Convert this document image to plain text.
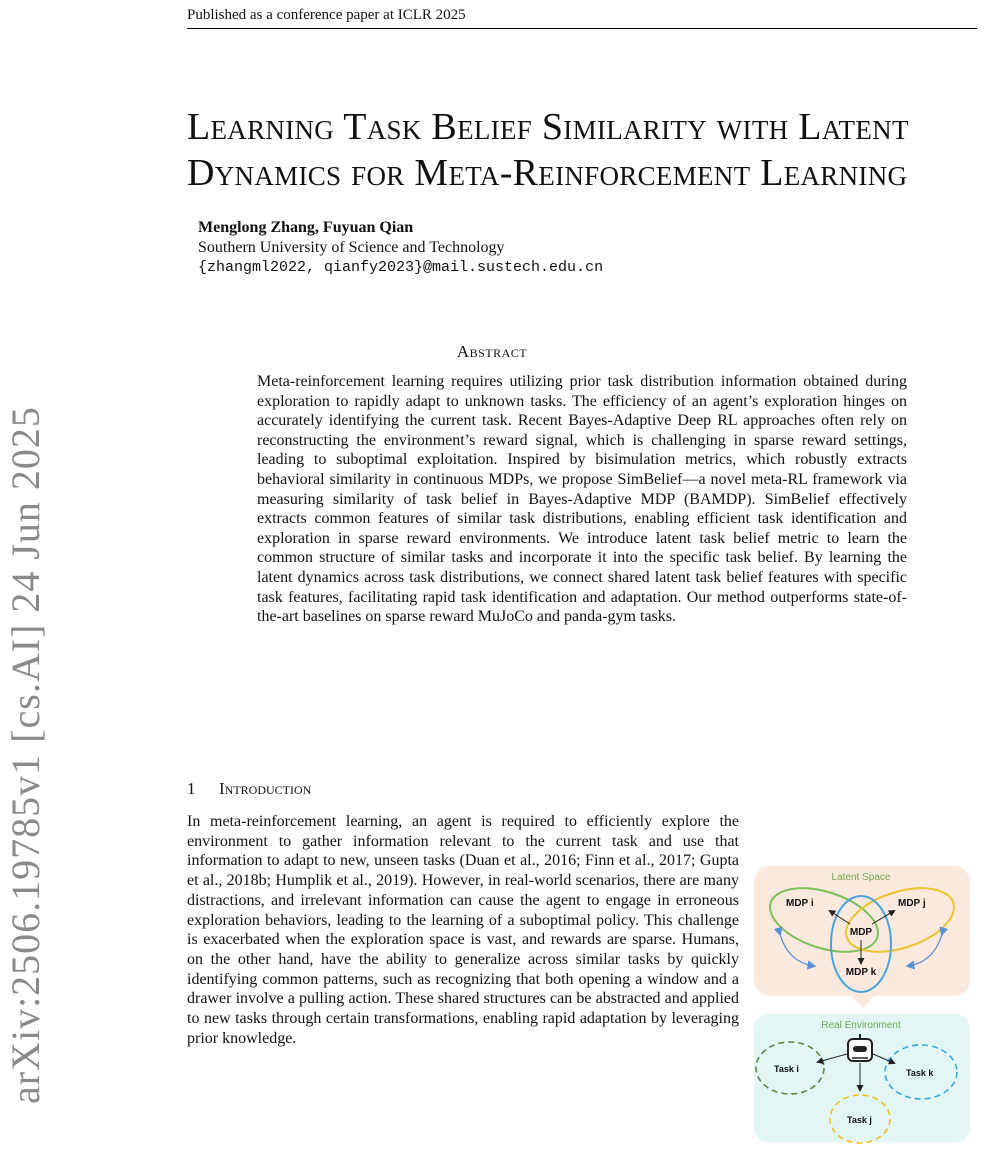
Published as a conference paper at ICLR 2025
arXiv:2506.19785v1 [cs.AI] 24 Jun 2025
Learning Task Belief Similarity with Latent
Dynamics for Meta-Reinforcement Learning
Menglong Zhang, Fuyuan Qian
Southern University of Science and Technology
{zhangml2022, qianfy2023}@mail.sustech.edu.cn
Abstract
Meta-reinforcement learning requires utilizing prior task distribution information obtained during exploration to rapidly adapt to unknown tasks. The efficiency of an agent’s exploration hinges on accurately identifying the current task. Recent Bayes-Adaptive Deep RL approaches often rely on reconstructing the environment’s reward signal, which is challenging in sparse reward settings, leading to suboptimal exploitation. Inspired by bisimulation metrics, which robustly extracts behavioral similarity in continuous MDPs, we propose SimBelief—a novel meta-RL framework via measuring similarity of task belief in Bayes-Adaptive MDP (BAMDP). SimBelief effectively extracts common features of similar task distributions, enabling efficient task identification and exploration in sparse reward environments. We introduce latent task belief metric to learn the common structure of similar tasks and incorporate it into the specific task belief. By learning the latent dynamics across task distributions, we connect shared latent task belief features with specific task features, facilitating rapid task identification and adaptation. Our method outperforms state-of-the-art baselines on sparse reward MuJoCo and panda-gym tasks.
1 Introduction
In meta-reinforcement learning, an agent is required to efficiently explore the environment to gather information relevant to the current task and use that information to adapt to new, unseen tasks (Duan et al., 2016; Finn et al., 2017; Gupta et al., 2018b; Humplik et al., 2019). However, in real-world scenarios, there are many distractions, and irrelevant information can cause the agent to engage in erroneous exploration behaviors, leading to the learning of a suboptimal policy. This challenge is exacerbated when the exploration space is vast, and rewards are sparse. Humans, on the other hand, have the ability to generalize across similar tasks by quickly identifying common patterns, such as recognizing that both opening a window and a drawer involve a pulling action. These shared structures can be abstracted and applied to new tasks through certain transformations, enabling rapid adaptation by leveraging prior knowledge.
Latent Space
MDP i	MDP j
MDP
MDP k
Real Environment
Task i	Task k
Task j
